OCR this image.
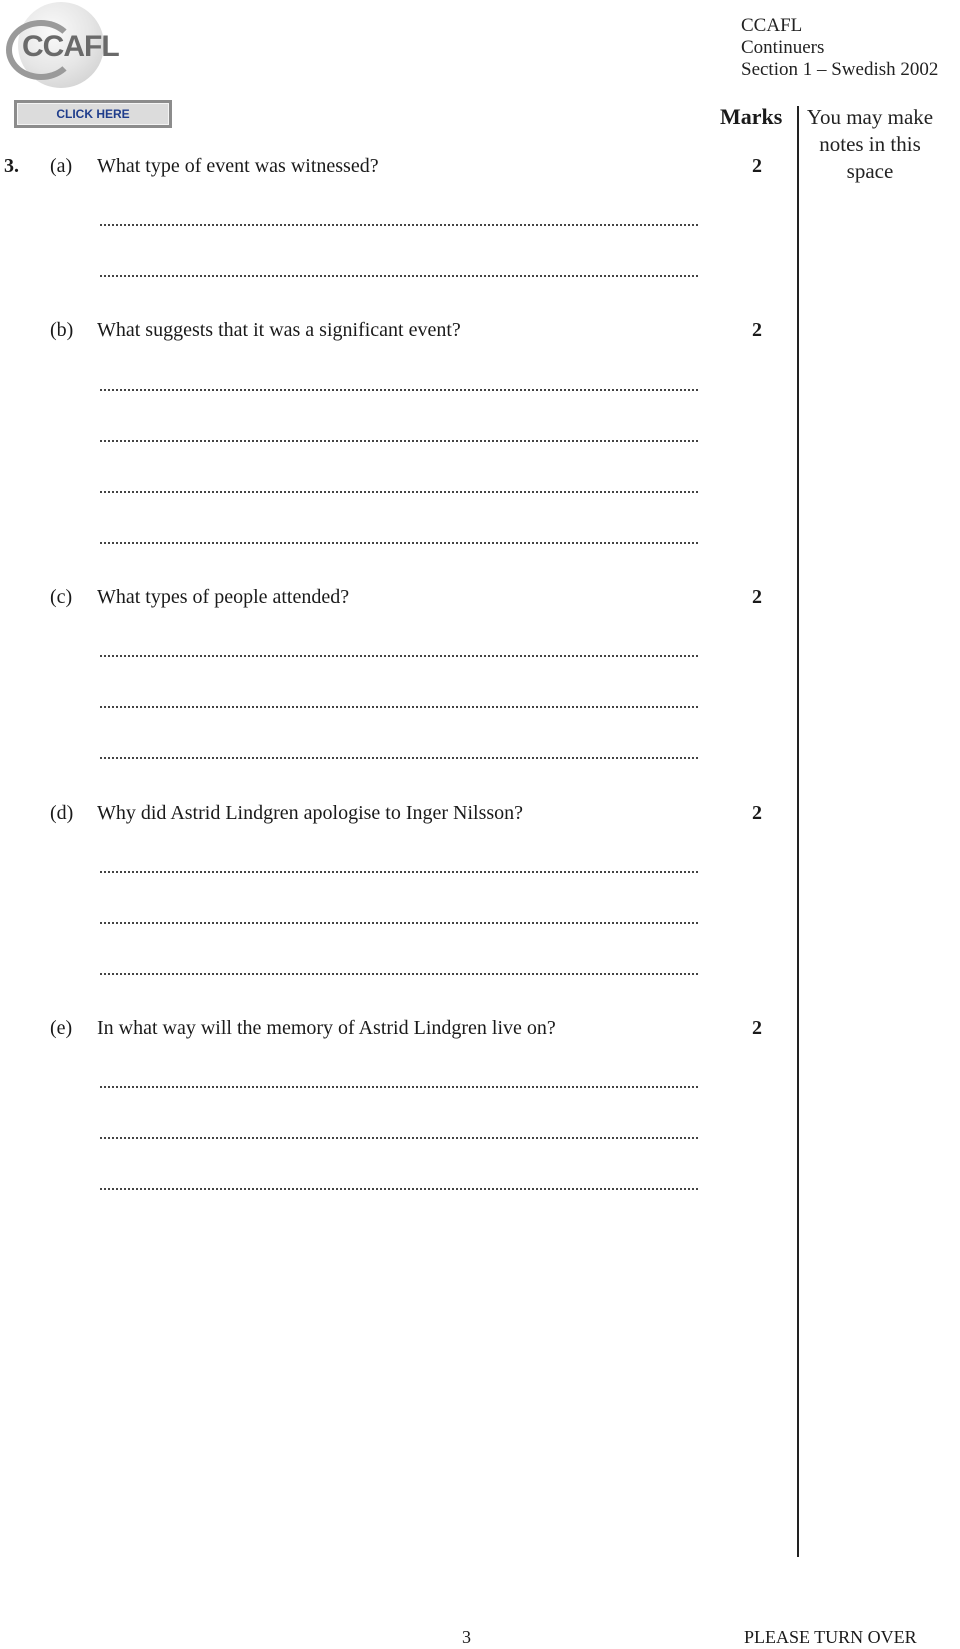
CCAFL
CCAFL
Continuers
Section 1 – Swedish 2002
CLICK HERE	Marks	You may make notes in this space
3. (a) What type of event was witnessed?	2
(b) What suggests that it was a significant event?	2
(c) What types of people attended?	2
(d) Why did Astrid Lindgren apologise to Inger Nilsson?	2
(e) In what way will the memory of Astrid Lindgren live on?	2
3	PLEASE TURN OVER
